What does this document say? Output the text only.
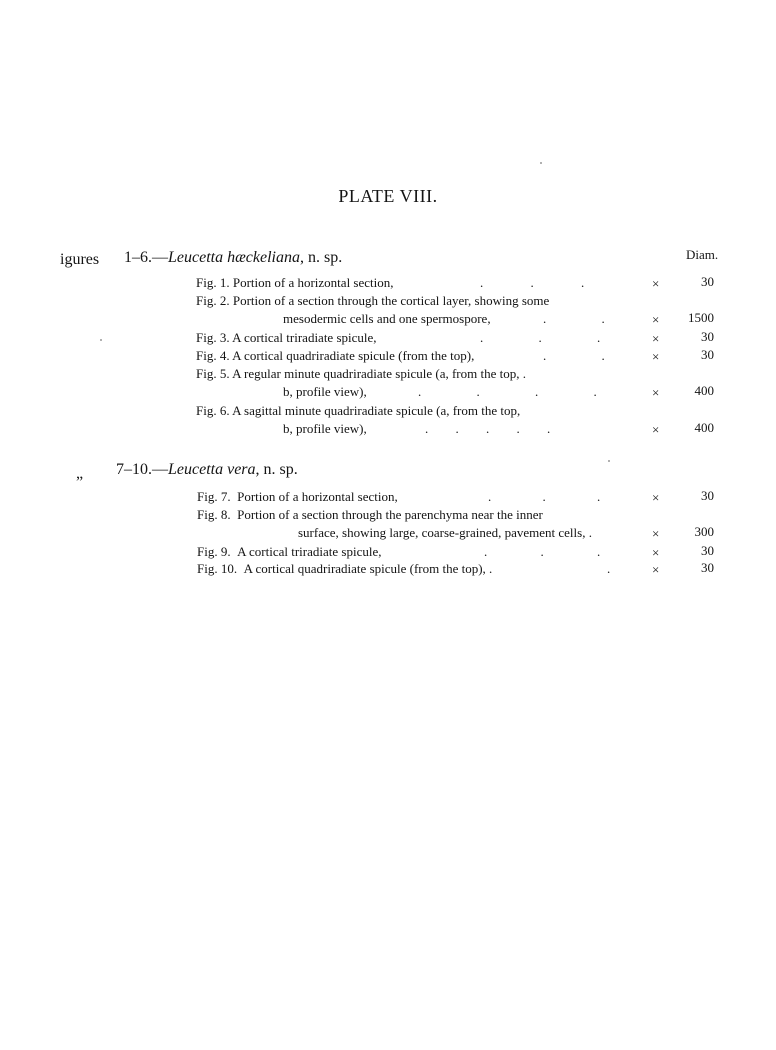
PLATE VIII.
Diam.
igures 1–6.—Leucetta hæckeliana, n. sp.
Fig. 1. Portion of a horizontal section,	. . .	×	30
Fig. 2. Portion of a section through the cortical layer, showing some
mesodermic cells and one spermospore,	. .	×	1500
Fig. 3. A cortical triradiate spicule,	. . .	×	30
Fig. 4. A cortical quadriradiate spicule (from the top),	. .	×	30
Fig. 5. A regular minute quadriradiate spicule (a, from the top, .
b, profile view),	. . . .	×	400
Fig. 6. A sagittal minute quadriradiate spicule (a, from the top,
b, profile view),	. . . . .	×	400
„ 7–10.—Leucetta vera, n. sp.
Fig. 7. Portion of a horizontal section,	. . .	×	30
Fig. 8. Portion of a section through the parenchyma near the inner
surface, showing large, coarse-grained, pavement cells, .	×	300
Fig. 9. A cortical triradiate spicule,	. . .	×	30
Fig. 10. A cortical quadriradiate spicule (from the top), .	.	×	30
